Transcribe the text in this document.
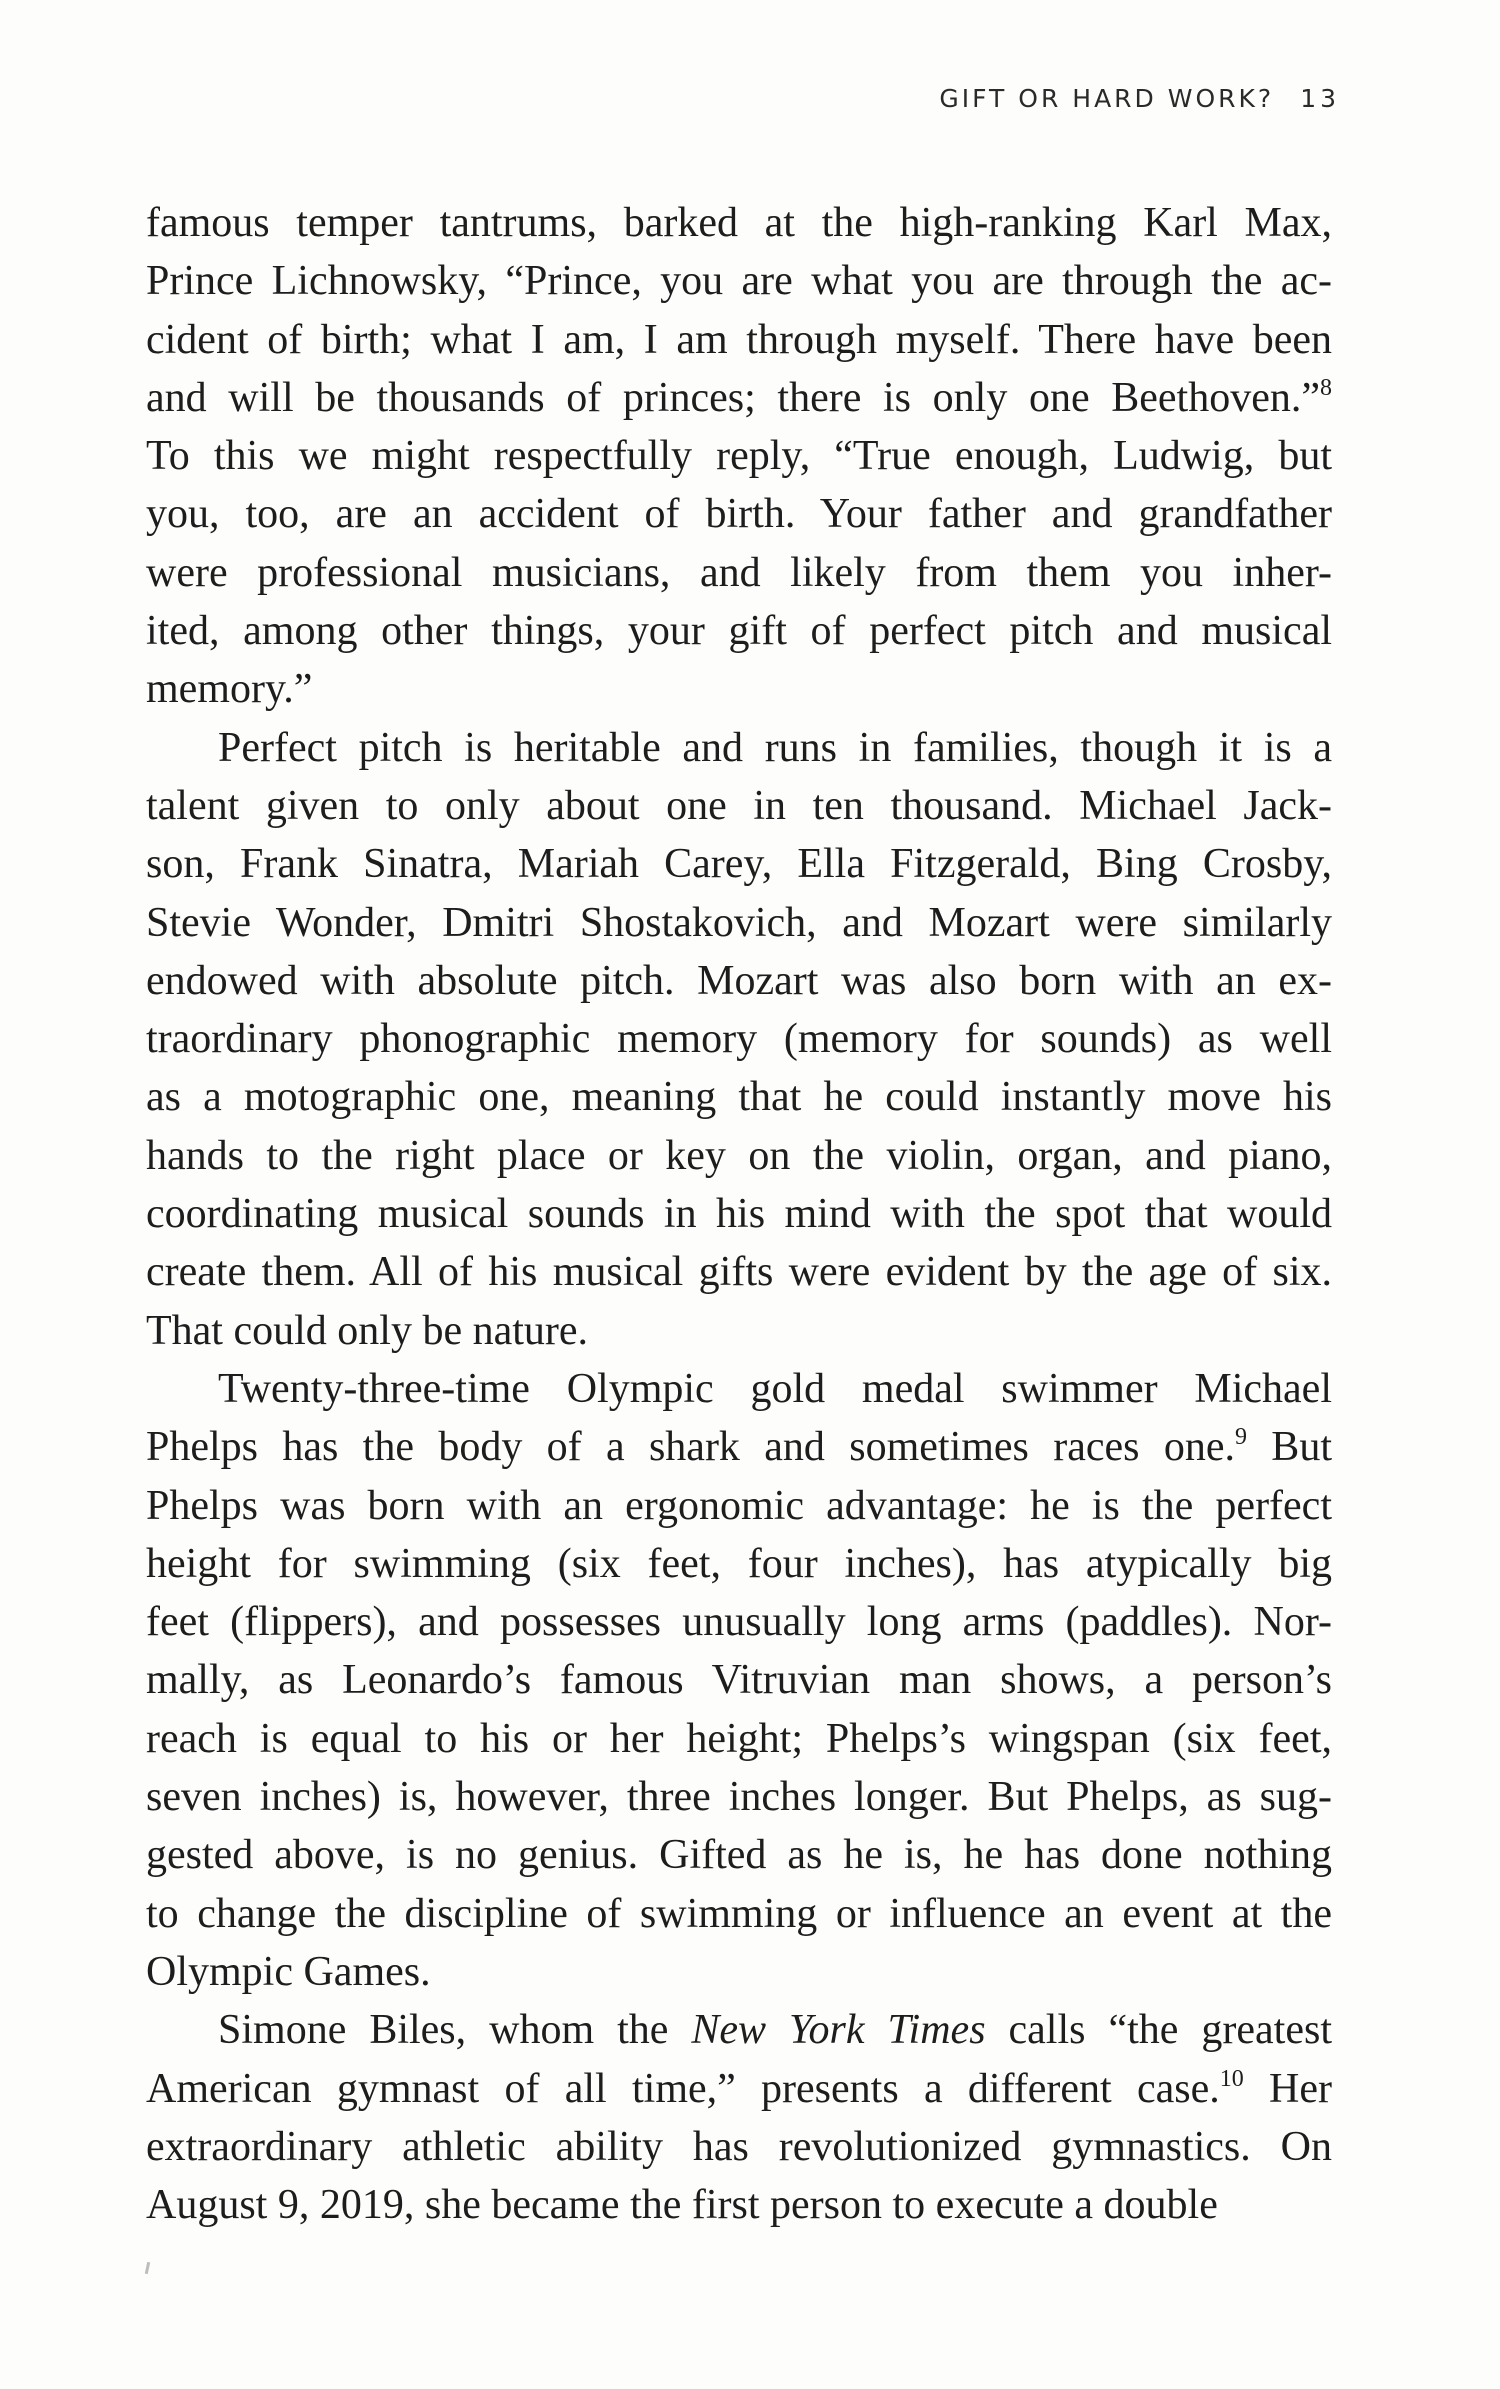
GIFT OR HARD WORK? 13
famous temper tantrums, barked at the high-ranking Karl Max,
Prince Lichnowsky, “Prince, you are what you are through the ac-
cident of birth; what I am, I am through myself. There have been
and will be thousands of princes; there is only one Beethoven.”$^8$
To this we might respectfully reply, “True enough, Ludwig, but
you, too, are an accident of birth. Your father and grandfather
were professional musicians, and likely from them you inher-
ited, among other things, your gift of perfect pitch and musical
memory.”
Perfect pitch is heritable and runs in families, though it is a
talent given to only about one in ten thousand. Michael Jack-
son, Frank Sinatra, Mariah Carey, Ella Fitzgerald, Bing Crosby,
Stevie Wonder, Dmitri Shostakovich, and Mozart were similarly
endowed with absolute pitch. Mozart was also born with an ex-
traordinary phonographic memory (memory for sounds) as well
as a motographic one, meaning that he could instantly move his
hands to the right place or key on the violin, organ, and piano,
coordinating musical sounds in his mind with the spot that would
create them. All of his musical gifts were evident by the age of six.
That could only be nature.
Twenty-three-time Olympic gold medal swimmer Michael
Phelps has the body of a shark and sometimes races one.$^9$ But
Phelps was born with an ergonomic advantage: he is the perfect
height for swimming (six feet, four inches), has atypically big
feet (flippers), and possesses unusually long arms (paddles). Nor-
mally, as Leonardo’s famous Vitruvian man shows, a person’s
reach is equal to his or her height; Phelps’s wingspan (six feet,
seven inches) is, however, three inches longer. But Phelps, as sug-
gested above, is no genius. Gifted as he is, he has done nothing
to change the discipline of swimming or influence an event at the
Olympic Games.
Simone Biles, whom the New York Times calls “the greatest
American gymnast of all time,” presents a different case.$^{10}$ Her
extraordinary athletic ability has revolutionized gymnastics. On
August 9, 2019, she became the first person to execute a double
